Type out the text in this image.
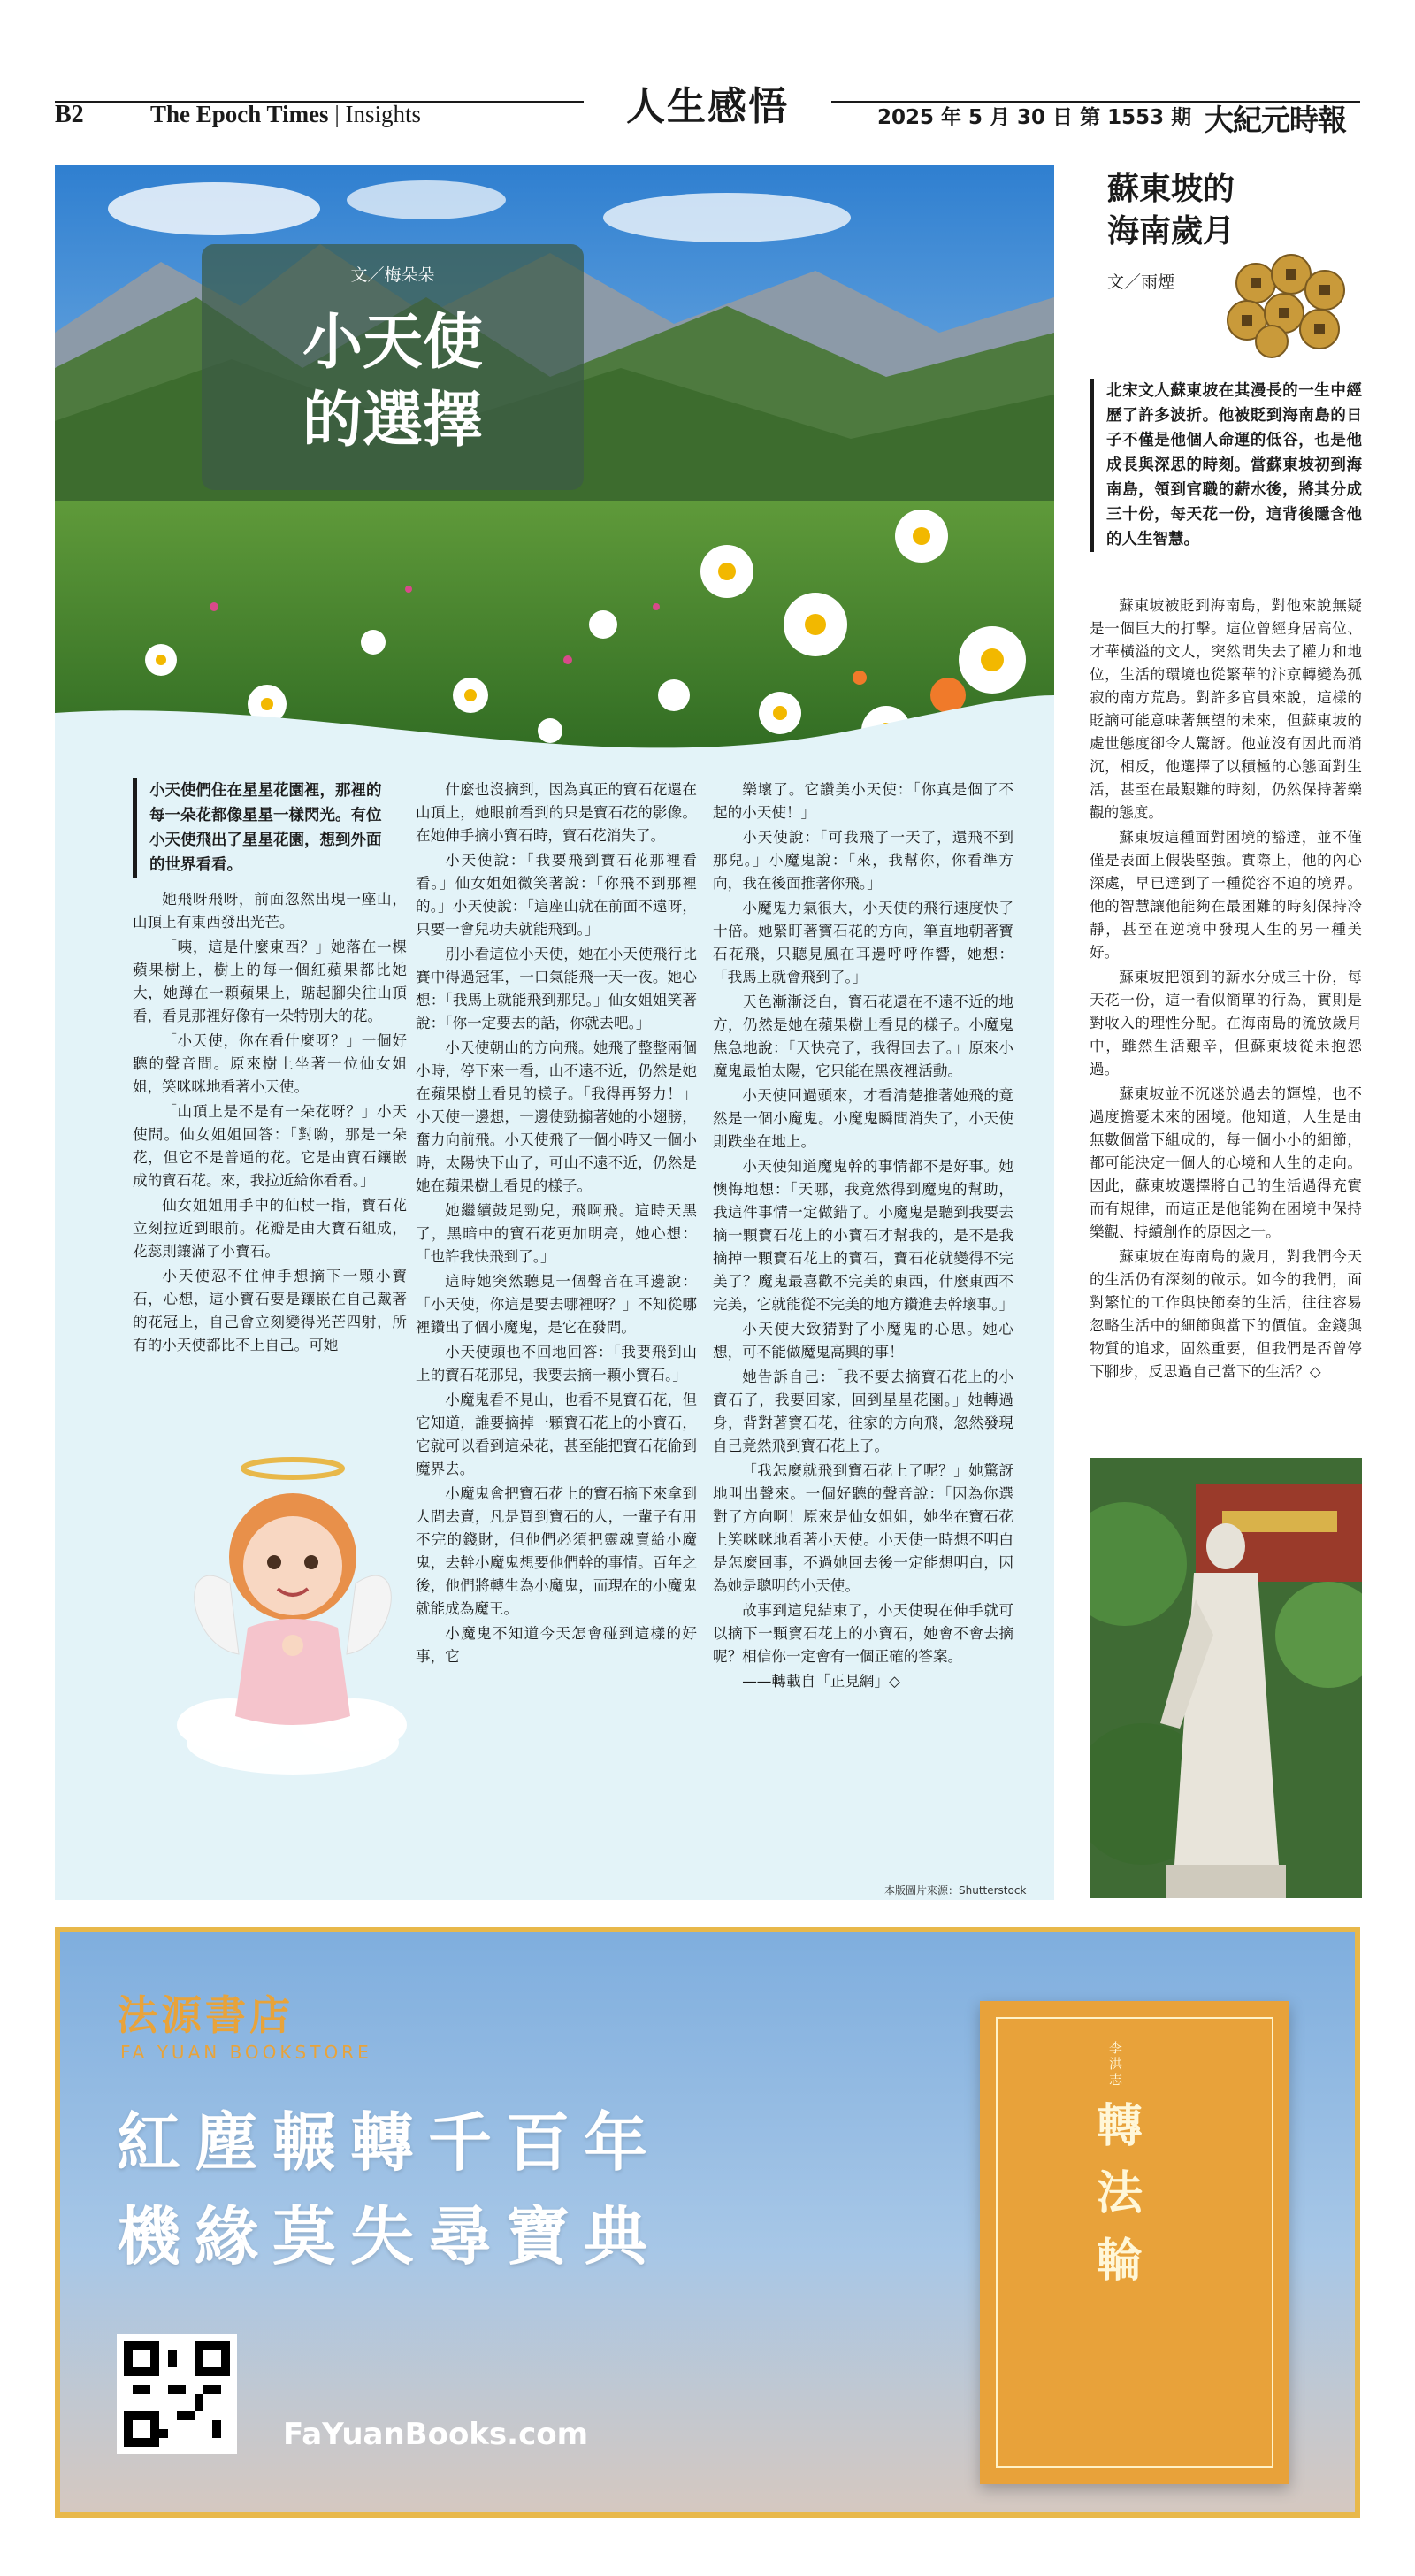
B2	The Epoch Times | Insights	人生感悟	2025 年 5 月 30 日 第 1553 期 大紀元時報
文／梅朵朵
小天使
的選擇
小天使們住在星星花園裡，那裡的每一朵花都像星星一樣閃光。有位小天使飛出了星星花園，想到外面的世界看看。

她飛呀飛呀，前面忽然出現一座山，山頂上有東西發出光芒。

「咦，這是什麼東西？」她落在一棵蘋果樹上，樹上的每一個紅蘋果都比她大，她蹲在一顆蘋果上，踮起腳尖往山頂看，看見那裡好像有一朵特別大的花。

「小天使，你在看什麼呀？」一個好聽的聲音問。原來樹上坐著一位仙女姐姐，笑咪咪地看著小天使。

「山頂上是不是有一朵花呀？」小天使問。仙女姐姐回答：「對喲，那是一朵花，但它不是普通的花。它是由寶石鑲嵌成的寶石花。來，我拉近給你看看。」

仙女姐姐用手中的仙杖一指，寶石花立刻拉近到眼前。花瓣是由大寶石組成，花蕊則鑲滿了小寶石。

小天使忍不住伸手想摘下一顆小寶石，心想，這小寶石要是鑲嵌在自己戴著的花冠上，自己會立刻變得光芒四射，所有的小天使都比不上自己。可她

什麼也沒摘到，因為真正的寶石花還在山頂上，她眼前看到的只是寶石花的影像。在她伸手摘小寶石時，寶石花消失了。

小天使說：「我要飛到寶石花那裡看看。」仙女姐姐微笑著說：「你飛不到那裡的。」小天使說：「這座山就在前面不遠呀，只要一會兒功夫就能飛到。」

別小看這位小天使，她在小天使飛行比賽中得過冠軍，一口氣能飛一天一夜。她心想：「我馬上就能飛到那兒。」仙女姐姐笑著說：「你一定要去的話，你就去吧。」

小天使朝山的方向飛。她飛了整整兩個小時，停下來一看，山不遠不近，仍然是她在蘋果樹上看見的樣子。「我得再努力！」小天使一邊想，一邊使勁搧著她的小翅膀，奮力向前飛。小天使飛了一個小時又一個小時，太陽快下山了，可山不遠不近，仍然是她在蘋果樹上看見的樣子。

她繼續鼓足勁兒，飛啊飛。這時天黑了，黑暗中的寶石花更加明亮，她心想：「也許我快飛到了。」

這時她突然聽見一個聲音在耳邊說：「小天使，你這是要去哪裡呀？」不知從哪裡鑽出了個小魔鬼，是它在發問。

小天使頭也不回地回答：「我要飛到山上的寶石花那兒，我要去摘一顆小寶石。」

小魔鬼看不見山，也看不見寶石花，但它知道，誰要摘掉一顆寶石花上的小寶石，它就可以看到這朵花，甚至能把寶石花偷到魔界去。

小魔鬼會把寶石花上的寶石摘下來拿到人間去賣，凡是買到寶石的人，一輩子有用不完的錢財，但他們必須把靈魂賣給小魔鬼，去幹小魔鬼想要他們幹的事情。百年之後，他們將轉生為小魔鬼，而現在的小魔鬼就能成為魔王。

小魔鬼不知道今天怎會碰到這樣的好事，它

樂壞了。它讚美小天使：「你真是個了不起的小天使！」

小天使說：「可我飛了一天了，還飛不到那兒。」小魔鬼說：「來，我幫你，你看準方向，我在後面推著你飛。」

小魔鬼力氣很大，小天使的飛行速度快了十倍。她緊盯著寶石花的方向，筆直地朝著寶石花飛，只聽見風在耳邊呼呼作響，她想：「我馬上就會飛到了。」

天色漸漸泛白，寶石花還在不遠不近的地方，仍然是她在蘋果樹上看見的樣子。小魔鬼焦急地說：「天快亮了，我得回去了。」原來小魔鬼最怕太陽，它只能在黑夜裡活動。

小天使回過頭來，才看清楚推著她飛的竟然是一個小魔鬼。小魔鬼瞬間消失了，小天使則跌坐在地上。

小天使知道魔鬼幹的事情都不是好事。她懊悔地想：「天哪，我竟然得到魔鬼的幫助，我這件事情一定做錯了。小魔鬼是聽到我要去摘一顆寶石花上的小寶石才幫我的，是不是我摘掉一顆寶石花上的寶石，寶石花就變得不完美了？魔鬼最喜歡不完美的東西，什麼東西不完美，它就能從不完美的地方鑽進去幹壞事。」

小天使大致猜對了小魔鬼的心思。她心想，可不能做魔鬼高興的事！

她告訴自己：「我不要去摘寶石花上的小寶石了，我要回家，回到星星花園。」她轉過身，背對著寶石花，往家的方向飛，忽然發現自己竟然飛到寶石花上了。

「我怎麼就飛到寶石花上了呢？」她驚訝地叫出聲來。一個好聽的聲音說：「因為你選對了方向啊！原來是仙女姐姐，她坐在寶石花上笑咪咪地看著小天使。小天使一時想不明白是怎麼回事，不過她回去後一定能想明白，因為她是聰明的小天使。

故事到這兒結束了，小天使現在伸手就可以摘下一顆寶石花上的小寶石，她會不會去摘呢？相信你一定會有一個正確的答案。

——轉載自「正見網」◇

本版圖片來源：Shutterstock
蘇東坡的
海南歲月
文／雨煙
北宋文人蘇東坡在其漫長的一生中經歷了許多波折。他被貶到海南島的日子不僅是他個人命運的低谷，也是他成長與深思的時刻。當蘇東坡初到海南島，領到官職的薪水後，將其分成三十份，每天花一份，這背後隱含他的人生智慧。

蘇東坡被貶到海南島，對他來說無疑是一個巨大的打擊。這位曾經身居高位、才華橫溢的文人，突然間失去了權力和地位，生活的環境也從繁華的汴京轉變為孤寂的南方荒島。對許多官員來說，這樣的貶謫可能意味著無望的未來，但蘇東坡的處世態度卻令人驚訝。他並沒有因此而消沉，相反，他選擇了以積極的心態面對生活，甚至在最艱難的時刻，仍然保持著樂觀的態度。

蘇東坡這種面對困境的豁達，並不僅僅是表面上假裝堅強。實際上，他的內心深處，早已達到了一種從容不迫的境界。他的智慧讓他能夠在最困難的時刻保持冷靜，甚至在逆境中發現人生的另一種美好。

蘇東坡把領到的薪水分成三十份，每天花一份，這一看似簡單的行為，實則是對收入的理性分配。在海南島的流放歲月中，雖然生活艱辛，但蘇東坡從未抱怨過。

蘇東坡並不沉迷於過去的輝煌，也不過度擔憂未來的困境。他知道，人生是由無數個當下組成的，每一個小小的細節，都可能決定一個人的心境和人生的走向。因此，蘇東坡選擇將自己的生活過得充實而有規律，而這正是他能夠在困境中保持樂觀、持續創作的原因之一。

蘇東坡在海南島的歲月，對我們今天的生活仍有深刻的啟示。如今的我們，面對繁忙的工作與快節奏的生活，往往容易忽略生活中的細節與當下的價值。金錢與物質的追求，固然重要，但我們是否曾停下腳步，反思過自己當下的生活？◇

法源書店
FA YUAN BOOKSTORE
紅塵輾轉千百年
機緣莫失尋寶典
FaYuanBooks.com
李洪志
轉法輪
